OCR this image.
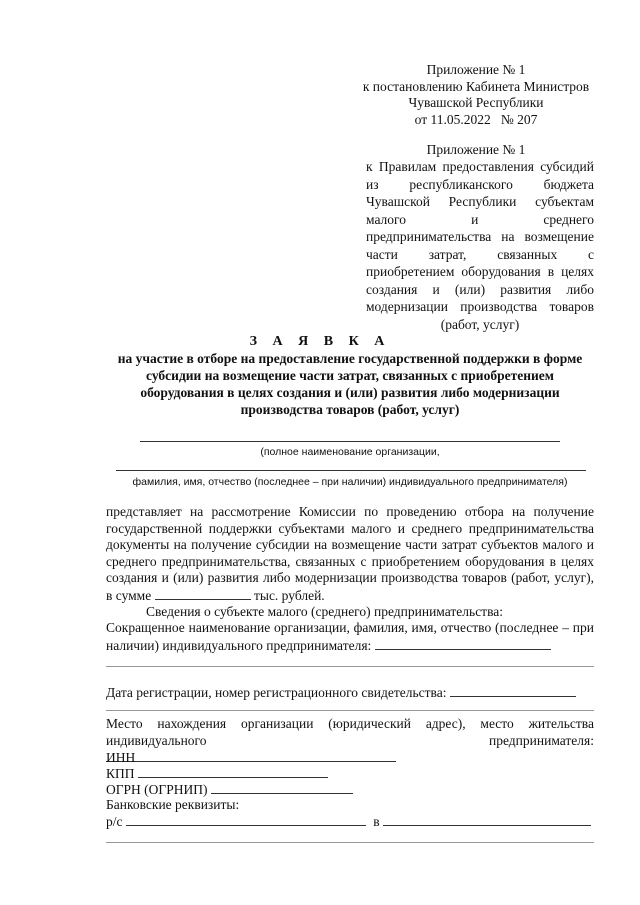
Приложение № 1
к постановлению Кабинета Министров
Чувашской Республики
от 11.05.2022   № 207
Приложение № 1
к Правилам предоставления субсидий из республиканского бюджета Чувашской Республики субъектам малого и среднего предпринимательства на возмещение части затрат, связанных с приобретением оборудования в целях создания и (или) развития либо модернизации производства товаров (работ, услуг)
З А Я В К А
на участие в отборе на предоставление государственной поддержки в форме субсидии на возмещение части затрат, связанных с приобретением оборудования в целях создания и (или) развития либо модернизации производства товаров (работ, услуг)
(полное наименование организации,
фамилия, имя, отчество (последнее – при наличии) индивидуального предпринимателя)
представляет на рассмотрение Комиссии по проведению отбора на получение государственной поддержки субъектами малого и среднего предпринимательства документы на получение субсидии на возмещение части затрат субъектов малого и среднего предпринимательства, связанных с приобретением оборудования в целях создания и (или) развития либо модернизации производства товаров (работ, услуг), в сумме	тыс. рублей.
Сведения о субъекте малого (среднего) предпринимательства:
Сокращенное наименование организации, фамилия, имя, отчество (последнее – при наличии) индивидуального предпринимателя:
Дата регистрации, номер регистрационного свидетельства:
Место нахождения организации (юридический адрес), место жительства индивидуального предпринимателя:
ИНН
КПП
ОГРН (ОГРНИП)
Банковские реквизиты:
р/с	в
